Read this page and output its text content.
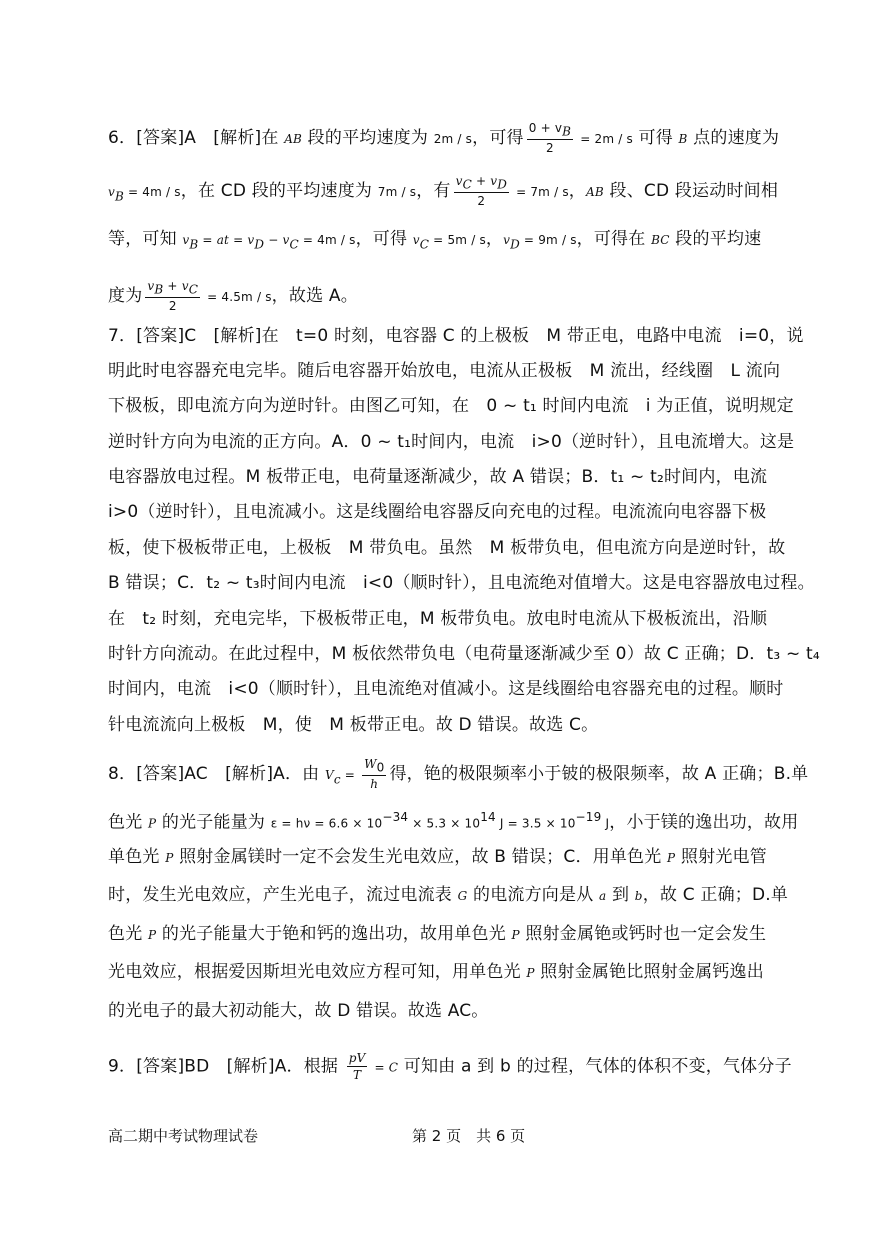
6．[答案]A　[解析]在 AB 段的平均速度为 2m / s，可得 $\frac{0 + v_B}{2} = 2m / s$ 可得 B 点的速度为
$v_B = 4m / s$，在 CD 段的平均速度为 7m / s，有 $\frac{v_C + v_D}{2} = 7m / s$，AB 段、CD 段运动时间相
等，可知 $v_B$ = at = $v_D - v_C = 4m / s$，可得 $v_C = 5m / s$，$v_D = 9m / s$，可得在 BC 段的平均速
度为 $\frac{v_B + v_C}{2} = 4.5m / s$，故选 A。
7．[答案]C　[解析]在　t=0 时刻，电容器 C 的上极板　M 带正电，电路中电流　i=0，说
明此时电容器充电完毕。随后电容器开始放电，电流从正极板　M 流出，经线圈　L 流向
下极板，即电流方向为逆时针。由图乙可知，在　0 ~ t₁ 时间内电流　i 为正值，说明规定
逆时针方向为电流的正方向。A．0 ~ t₁时间内，电流　i>0（逆时针），且电流增大。这是
电容器放电过程。M 板带正电，电荷量逐渐减少，故 A 错误；B．t₁ ~ t₂时间内，电流
i>0（逆时针），且电流减小。这是线圈给电容器反向充电的过程。电流流向电容器下极
板，使下极板带正电，上极板　M 带负电。虽然　M 板带负电，但电流方向是逆时针，故
B 错误；C．t₂ ~ t₃时间内电流　i<0（顺时针），且电流绝对值增大。这是电容器放电过程。
在　t₂ 时刻，充电完毕，下极板带正电，M 板带负电。放电时电流从下极板流出，沿顺
时针方向流动。在此过程中，M 板依然带负电（电荷量逐渐减少至 0）故 C 正确；D．t₃ ~ t₄
时间内，电流　i<0（顺时针），且电流绝对值减小。这是线圈给电容器充电的过程。顺时
针电流流向上极板　M，使　M 板带正电。故 D 错误。故选 C。
8．[答案]AC　[解析]A．由 $V_c = \frac{W_0}{h}$ 得，铯的极限频率小于铍的极限频率，故 A 正确；B.单
色光 P 的光子能量为 $\varepsilon = h\nu = 6.6 \times 10^{-34} \times 5.3 \times 10^{14}$ $J = 3.5 \times 10^{-19}$ J，小于镁的逸出功，故用
单色光 P 照射金属镁时一定不会发生光电效应，故 B 错误；C．用单色光 P 照射光电管
时，发生光电效应，产生光电子，流过电流表 G 的电流方向是从 a 到 b，故 C 正确；D.单
色光 P 的光子能量大于铯和钙的逸出功，故用单色光 P 照射金属铯或钙时也一定会发生
光电效应，根据爱因斯坦光电效应方程可知，用单色光 P 照射金属铯比照射金属钙逸出
的光电子的最大初动能大，故 D 错误。故选 AC。
9．[答案]BD　[解析]A．根据 $\frac{pV}{T} = C$ 可知由 a 到 b 的过程，气体的体积不变，气体分子
高二期中考试物理试卷	第 2 页　共 6 页
